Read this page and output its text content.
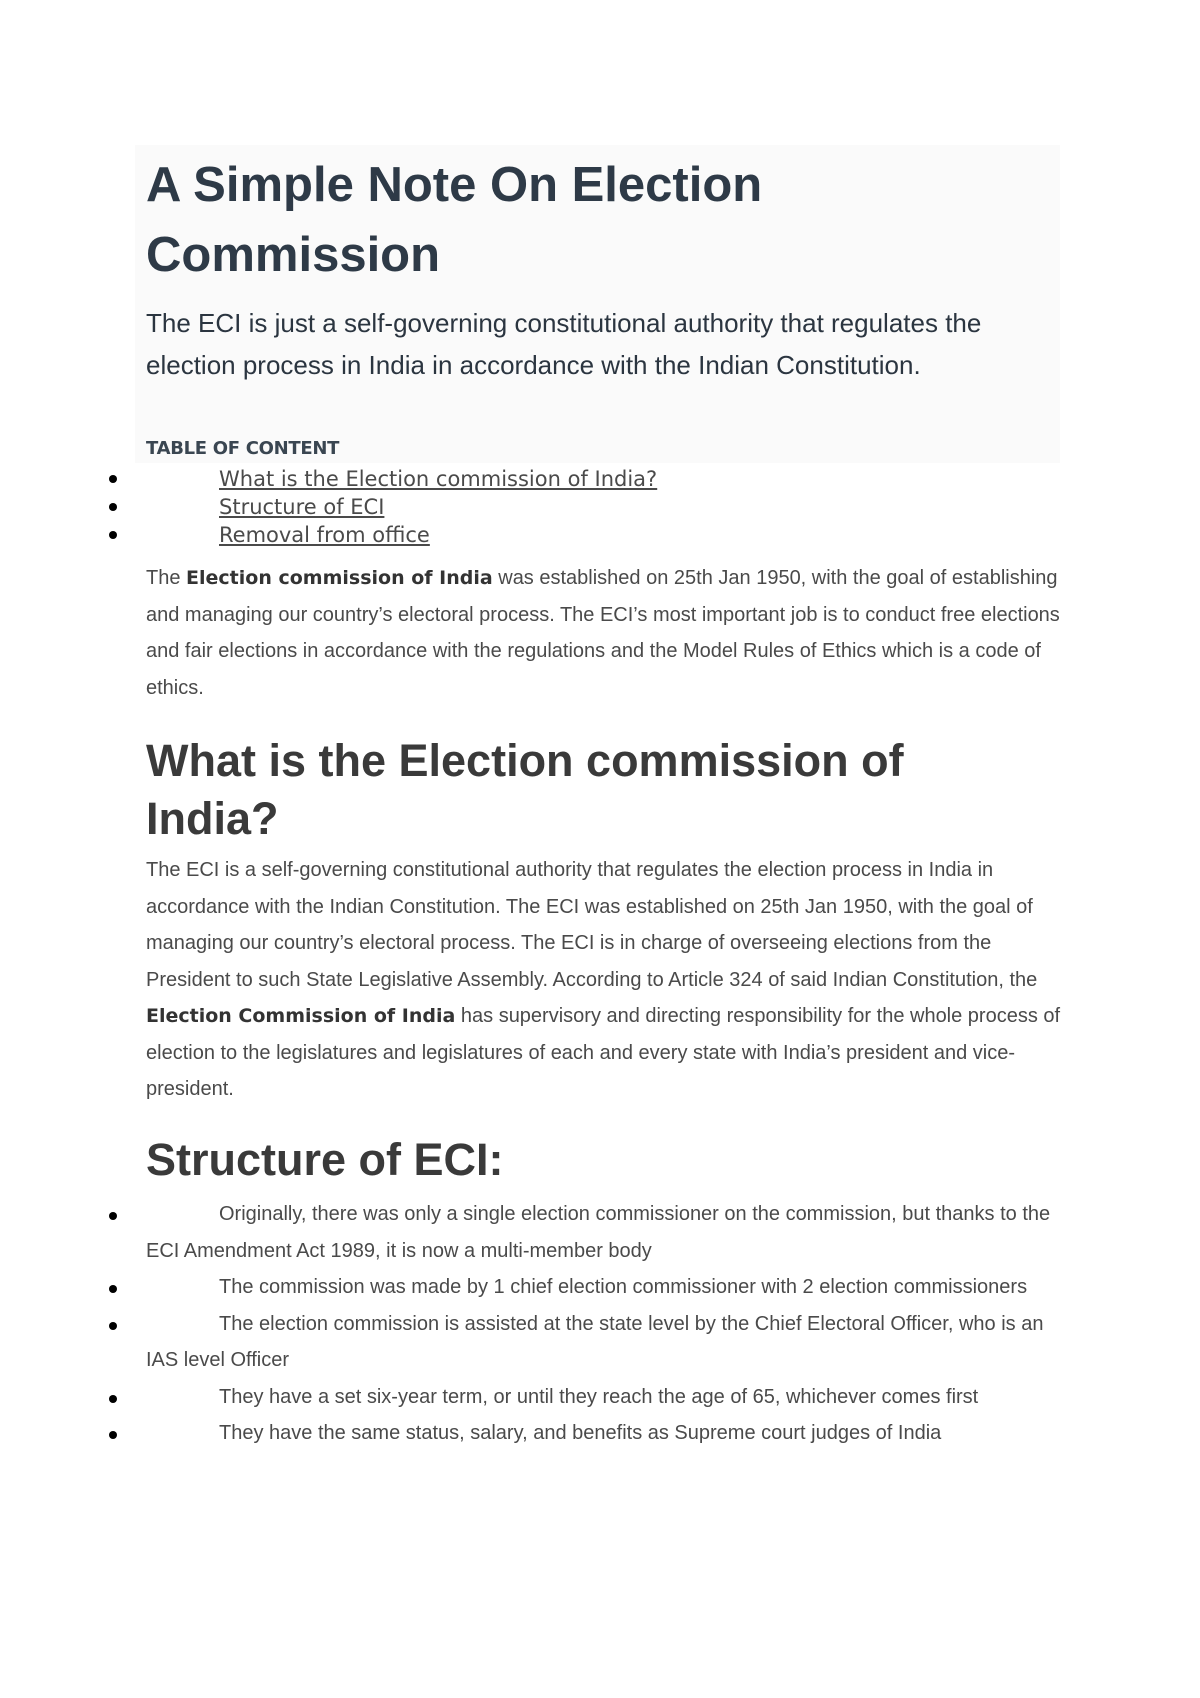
A Simple Note On Election Commission

The ECI is just a self-governing constitutional authority that regulates the election process in India in accordance with the Indian Constitution.

TABLE OF CONTENT

What is the Election commission of India?
Structure of ECI
Removal from office

The Election commission of India was established on 25th Jan 1950, with the goal of establishing and managing our country’s electoral process. The ECI’s most important job is to conduct free elections and fair elections in accordance with the regulations and the Model Rules of Ethics which is a code of ethics.

What is the Election commission of India?

The ECI is a self-governing constitutional authority that regulates the election process in India in accordance with the Indian Constitution. The ECI was established on 25th Jan 1950, with the goal of managing our country’s electoral process. The ECI is in charge of overseeing elections from the President to such State Legislative Assembly. According to Article 324 of said Indian Constitution, the Election Commission of India has supervisory and directing responsibility for the whole process of election to the legislatures and legislatures of each and every state with India’s president and vice-president.

Structure of ECI:
Originally, there was only a single election commissioner on the commission, but thanks to the ECI Amendment Act 1989, it is now a multi-member body
The commission was made by 1 chief election commissioner with 2 election commissioners
The election commission is assisted at the state level by the Chief Electoral Officer, who is an IAS level Officer
They have a set six-year term, or until they reach the age of 65, whichever comes first
They have the same status, salary, and benefits as Supreme court judges of India
